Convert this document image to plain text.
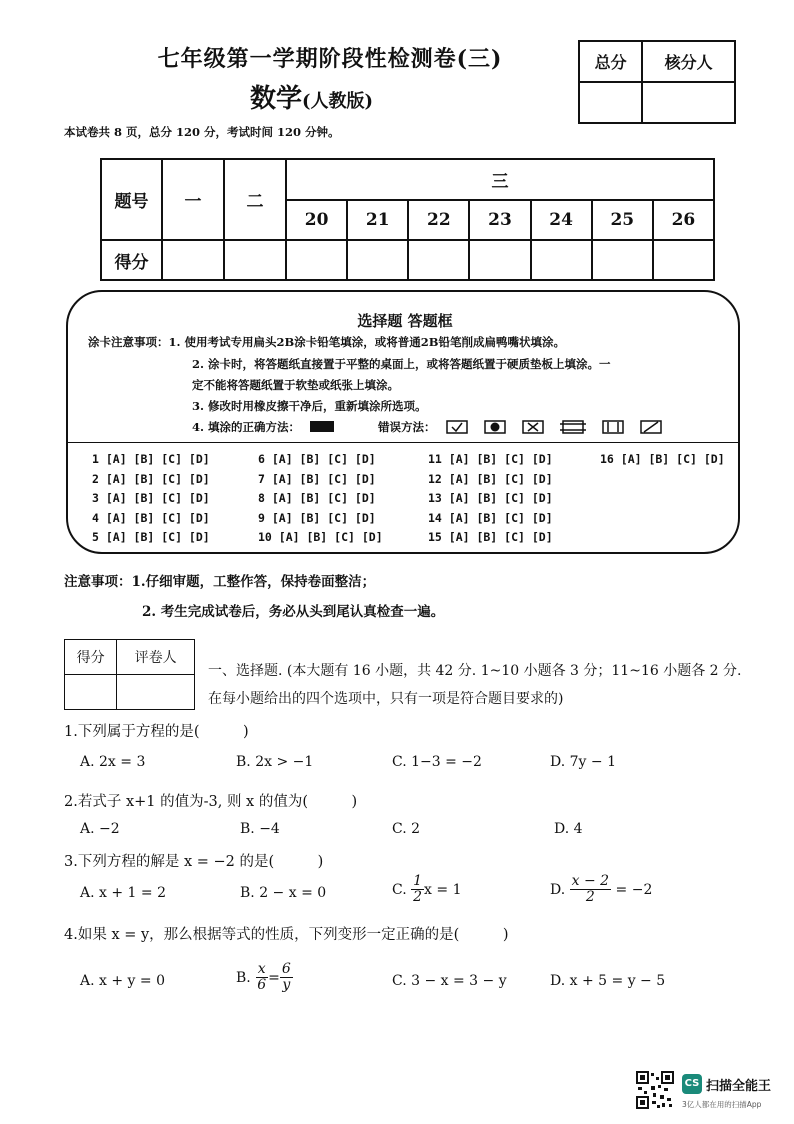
七年级第一学期阶段性检测卷(三)
数学(人教版)
总分	核分人

本试卷共 8 页，总分 120 分，考试时间 120 分钟。
题号	一	二	三						
			20	21	22	23	24	25	26
得分									
选择题 答题框
涂卡注意事项：1. 使用考试专用扁头2B涂卡铅笔填涂，或将普通2B铅笔削成扁鸭嘴状填涂。
2. 涂卡时，将答题纸直接置于平整的桌面上，或将答题纸置于硬质垫板上填涂。一
定不能将答题纸置于软垫或纸张上填涂。
3. 修改时用橡皮擦干净后，重新填涂所选项。
4. 填涂的正确方法：	错误方法：
1 [A] [B] [C] [D]
2 [A] [B] [C] [D]
3 [A] [B] [C] [D]
4 [A] [B] [C] [D]
5 [A] [B] [C] [D]
6 [A] [B] [C] [D]
7 [A] [B] [C] [D]
8 [A] [B] [C] [D]
9 [A] [B] [C] [D]
10 [A] [B] [C] [D]
11 [A] [B] [C] [D]
12 [A] [B] [C] [D]
13 [A] [B] [C] [D]
14 [A] [B] [C] [D]
15 [A] [B] [C] [D]
16 [A] [B] [C] [D]
注意事项：1.仔细审题，工整作答，保持卷面整洁；
2. 考生完成试卷后，务必从头到尾认真检查一遍。
得分	评卷人

一、选择题. (本大题有 16 小题，共 42 分. 1~10 小题各 3 分；11~16 小题各 2 分.
在每小题给出的四个选项中，只有一项是符合题目要求的)
1.下列属于方程的是(　　　)
A. 2x = 3	B. 2x > −1	C. 1−3 = −2	D. 7y − 1
2.若式子 x+1 的值为-3, 则 x 的值为(　　　)
A. −2	B. −4	C. 2	D. 4
3.下列方程的解是 x = −2 的是(　　　)
A. x + 1 = 2	B. 2 − x = 0	C. $\frac{1}{2}$ x = 1	D. $\frac{x - 2}{2} = -2$
4.如果 x = y，那么根据等式的性质，下列变形一定正确的是(　　　)
A. x + y = 0	B. $\frac{x}{6} = \frac{6}{y}$	C. 3 − x = 3 − y	D. x + 5 = y − 5
CS 扫描全能王
3亿人都在用的扫描App
